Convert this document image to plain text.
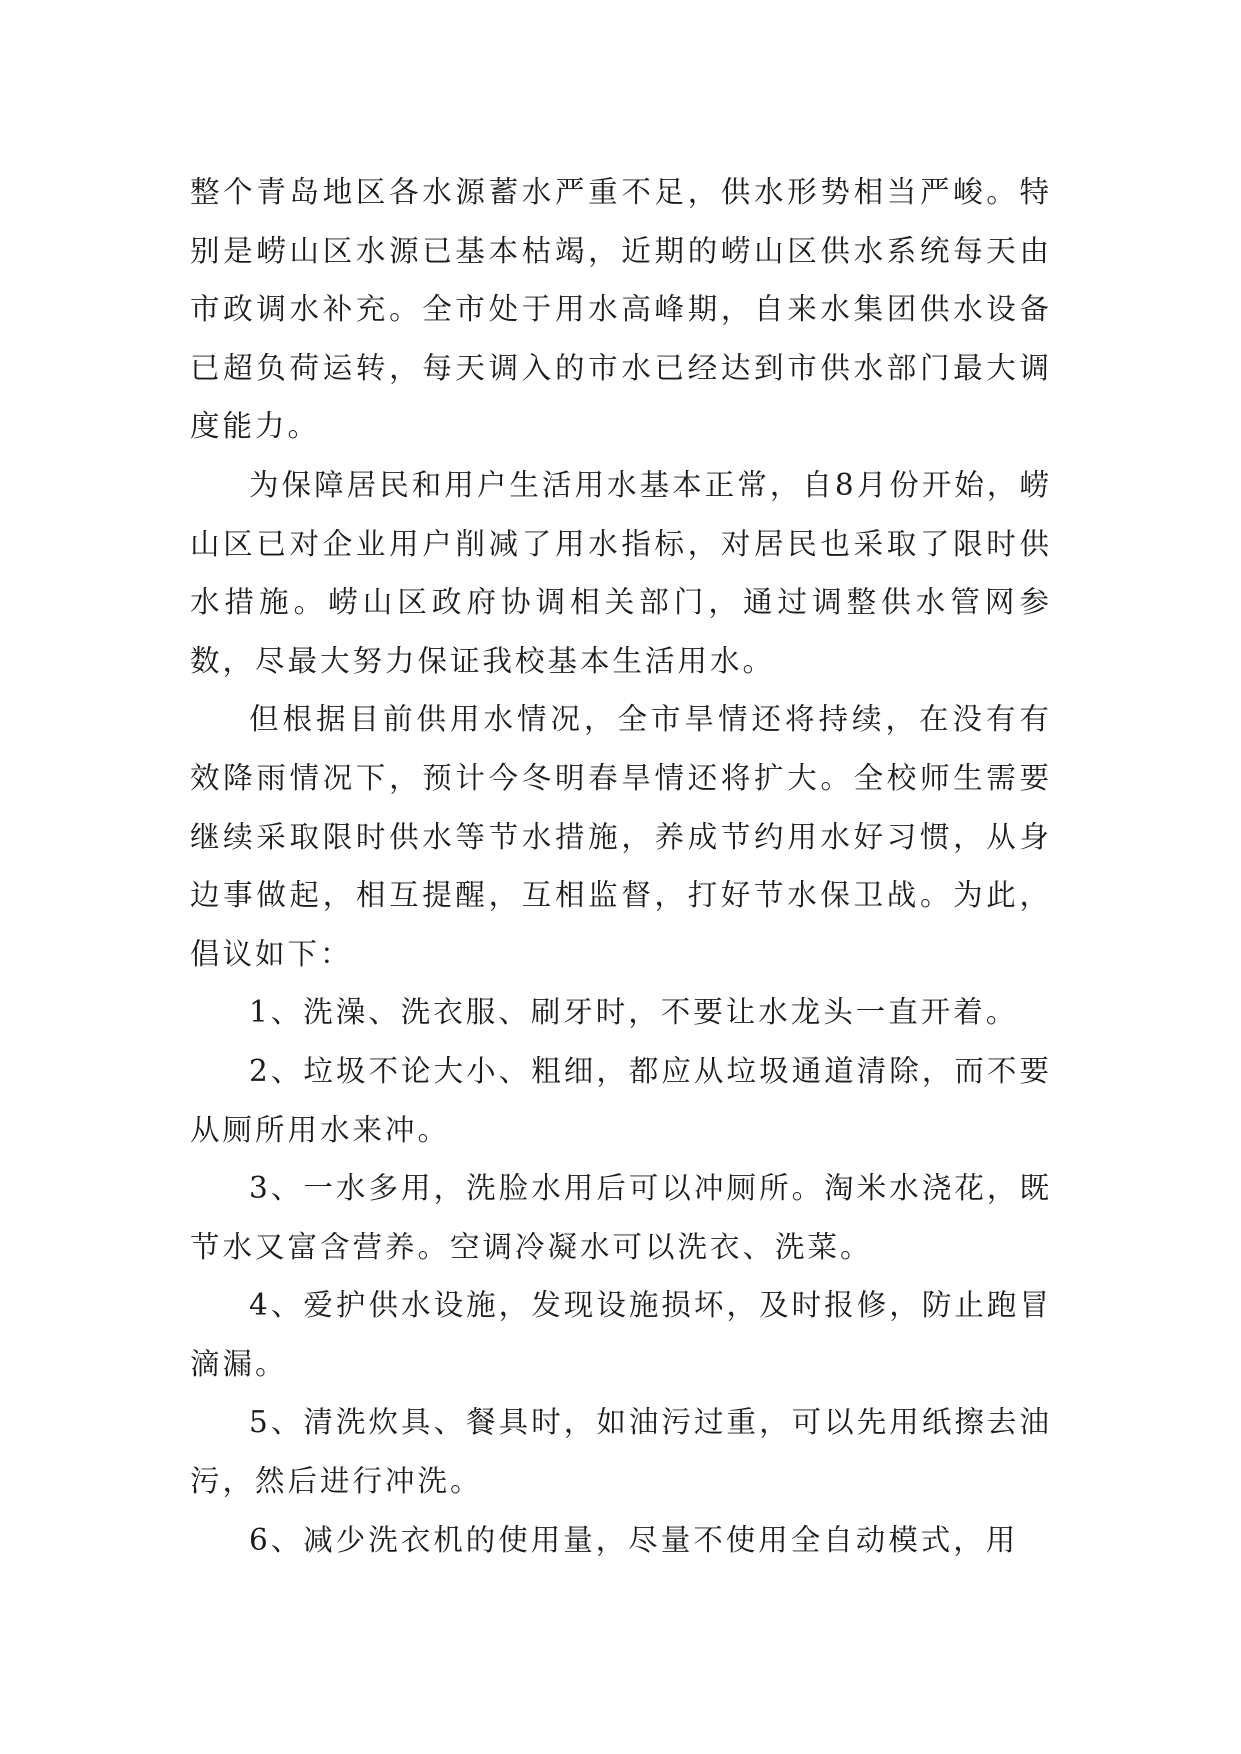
整个青岛地区各水源蓄水严重不足，供水形势相当严峻。特别是崂山区水源已基本枯竭，近期的崂山区供水系统每天由市政调水补充。全市处于用水高峰期，自来水集团供水设备已超负荷运转，每天调入的市水已经达到市供水部门最大调度能力。

为保障居民和用户生活用水基本正常，自8月份开始，崂山区已对企业用户削减了用水指标，对居民也采取了限时供水措施。崂山区政府协调相关部门，通过调整供水管网参数，尽最大努力保证我校基本生活用水。

但根据目前供用水情况，全市旱情还将持续，在没有有效降雨情况下，预计今冬明春旱情还将扩大。全校师生需要继续采取限时供水等节水措施，养成节约用水好习惯，从身边事做起，相互提醒，互相监督，打好节水保卫战。为此，倡议如下：

1、洗澡、洗衣服、刷牙时，不要让水龙头一直开着。

2、垃圾不论大小、粗细，都应从垃圾通道清除，而不要从厕所用水来冲。

3、一水多用，洗脸水用后可以冲厕所。淘米水浇花，既节水又富含营养。空调冷凝水可以洗衣、洗菜。

4、爱护供水设施，发现设施损坏，及时报修，防止跑冒滴漏。

5、清洗炊具、餐具时，如油污过重，可以先用纸擦去油污，然后进行冲洗。

6、减少洗衣机的使用量，尽量不使用全自动模式，用
